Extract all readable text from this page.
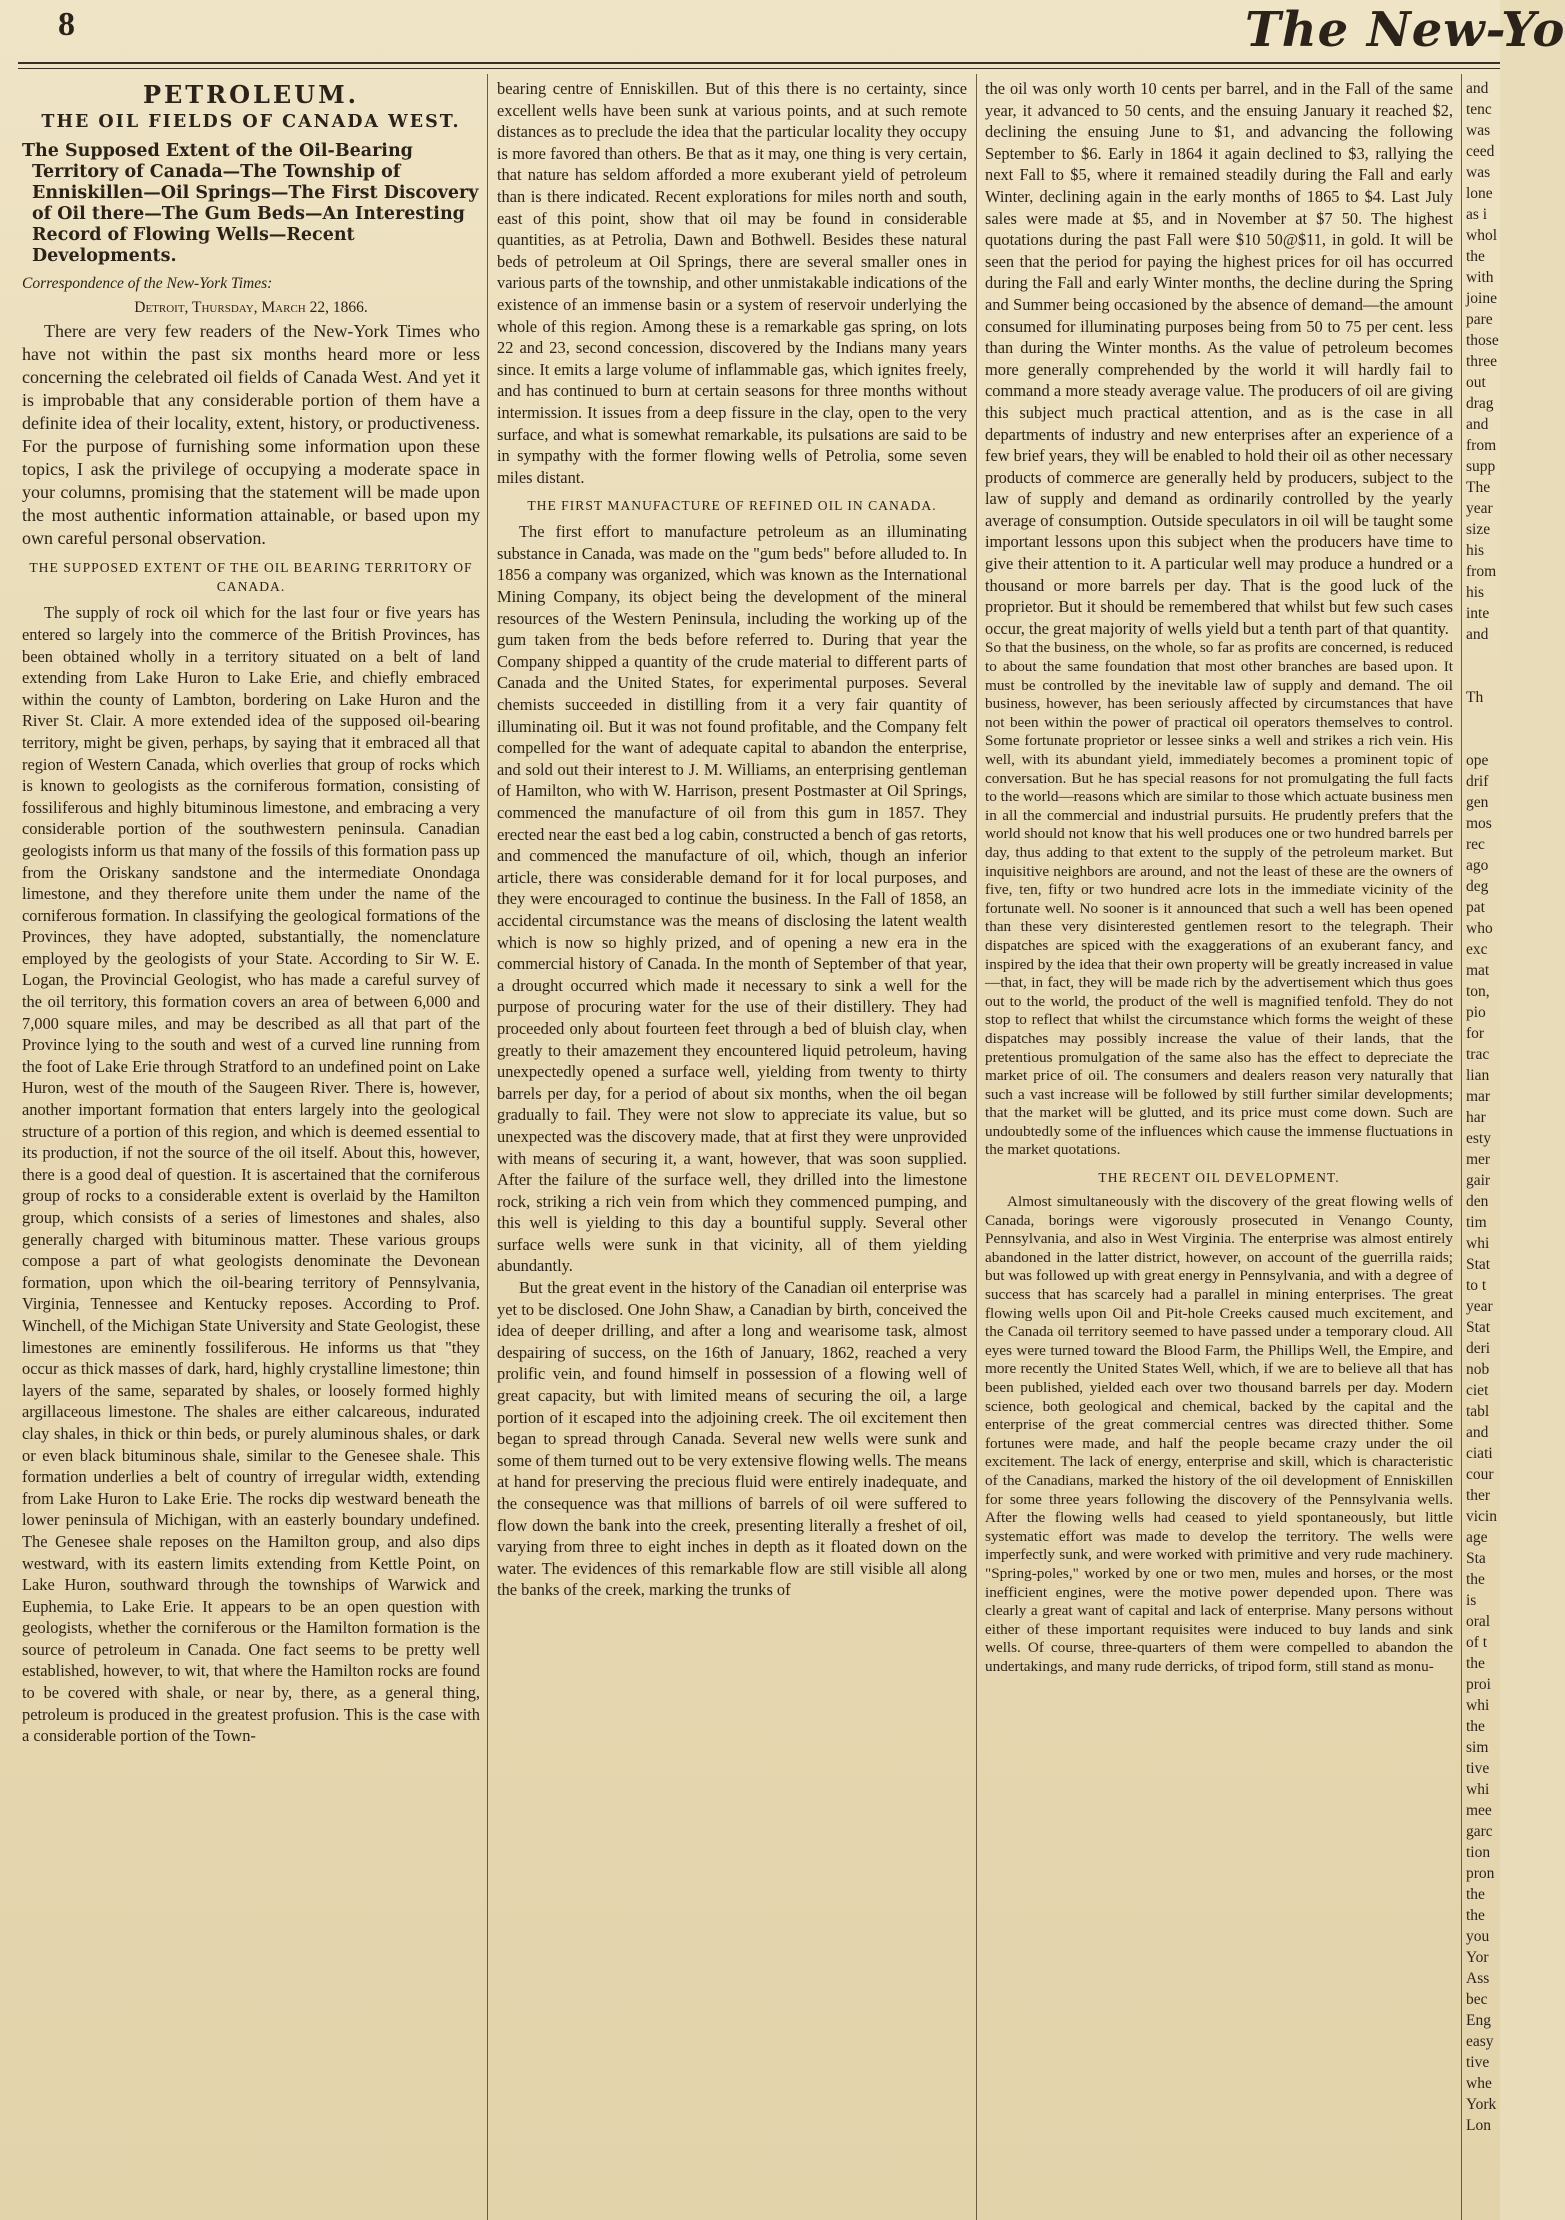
8	The New-Yo
PETROLEUM.
THE OIL FIELDS OF CANADA WEST.
The Supposed Extent of the Oil-Bearing Territory of Canada—The Township of Enniskillen—Oil Springs—The First Discovery of Oil there—The Gum Beds—An Interesting Record of Flowing Wells—Recent Developments.
Correspondence of the New-York Times:
Detroit, Thursday, March 22, 1866.

There are very few readers of the New-York Times who have not within the past six months heard more or less concerning the celebrated oil fields of Canada West. And yet it is improbable that any considerable portion of them have a definite idea of their locality, extent, history, or productiveness. For the purpose of furnishing some information upon these topics, I ask the privilege of occupying a moderate space in your columns, promising that the statement will be made upon the most authentic information attainable, or based upon my own careful personal observation.

THE SUPPOSED EXTENT OF THE OIL BEARING TERRITORY OF CANADA.

The supply of rock oil which for the last four or five years has entered so largely into the commerce of the British Provinces, has been obtained wholly in a territory situated on a belt of land extending from Lake Huron to Lake Erie, and chiefly embraced within the county of Lambton, bordering on Lake Huron and the River St. Clair. A more extended idea of the supposed oil-bearing territory, might be given, perhaps, by saying that it embraced all that region of Western Canada, which overlies that group of rocks which is known to geologists as the corniferous formation, consisting of fossiliferous and highly bituminous limestone, and embracing a very considerable portion of the southwestern peninsula. Canadian geologists inform us that many of the fossils of this formation pass up from the Oriskany sandstone and the intermediate Onondaga limestone, and they therefore unite them under the name of the corniferous formation. In classifying the geological formations of the Provinces, they have adopted, substantially, the nomenclature employed by the geologists of your State. According to Sir W. E. Logan, the Provincial Geologist, who has made a careful survey of the oil territory, this formation covers an area of between 6,000 and 7,000 square miles, and may be described as all that part of the Province lying to the south and west of a curved line running from the foot of Lake Erie through Stratford to an undefined point on Lake Huron, west of the mouth of the Saugeen River. There is, however, another important formation that enters largely into the geological structure of a portion of this region, and which is deemed essential to its production, if not the source of the oil itself. About this, however, there is a good deal of question. It is ascertained that the corniferous group of rocks to a considerable extent is overlaid by the Hamilton group, which consists of a series of limestones and shales, also generally charged with bituminous matter. These various groups compose a part of what geologists denominate the Devonean formation, upon which the oil-bearing territory of Pennsylvania, Virginia, Tennessee and Kentucky reposes. According to Prof. Winchell, of the Michigan State University and State Geologist, these limestones are eminently fossiliferous. He informs us that "they occur as thick masses of dark, hard, highly crystalline limestone; thin layers of the same, separated by shales, or loosely formed highly argillaceous limestone. The shales are either calcareous, indurated clay shales, in thick or thin beds, or purely aluminous shales, or dark or even black bituminous shale, similar to the Genesee shale. This formation underlies a belt of country of irregular width, extending from Lake Huron to Lake Erie. The rocks dip westward beneath the lower peninsula of Michigan, with an easterly boundary undefined. The Genesee shale reposes on the Hamilton group, and also dips westward, with its eastern limits extending from Kettle Point, on Lake Huron, southward through the townships of Warwick and Euphemia, to Lake Erie. It appears to be an open question with geologists, whether the corniferous or the Hamilton formation is the source of petroleum in Canada. One fact seems to be pretty well established, however, to wit, that where the Hamilton rocks are found to be covered with shale, or near by, there, as a general thing, petroleum is produced in the greatest profusion. This is the case with a considerable portion of the Town-

bearing centre of Enniskillen. But of this there is no certainty, since excellent wells have been sunk at various points, and at such remote distances as to preclude the idea that the particular locality they occupy is more favored than others. Be that as it may, one thing is very certain, that nature has seldom afforded a more exuberant yield of petroleum than is there indicated. Recent explorations for miles north and south, east of this point, show that oil may be found in considerable quantities, as at Petrolia, Dawn and Bothwell. Besides these natural beds of petroleum at Oil Springs, there are several smaller ones in various parts of the township, and other unmistakable indications of the existence of an immense basin or a system of reservoir underlying the whole of this region. Among these is a remarkable gas spring, on lots 22 and 23, second concession, discovered by the Indians many years since. It emits a large volume of inflammable gas, which ignites freely, and has continued to burn at certain seasons for three months without intermission. It issues from a deep fissure in the clay, open to the very surface, and what is somewhat remarkable, its pulsations are said to be in sympathy with the former flowing wells of Petrolia, some seven miles distant.

THE FIRST MANUFACTURE OF REFINED OIL IN CANADA.

The first effort to manufacture petroleum as an illuminating substance in Canada, was made on the "gum beds" before alluded to. In 1856 a company was organized, which was known as the International Mining Company, its object being the development of the mineral resources of the Western Peninsula, including the working up of the gum taken from the beds before referred to. During that year the Company shipped a quantity of the crude material to different parts of Canada and the United States, for experimental purposes. Several chemists succeeded in distilling from it a very fair quantity of illuminating oil. But it was not found profitable, and the Company felt compelled for the want of adequate capital to abandon the enterprise, and sold out their interest to J. M. Williams, an enterprising gentleman of Hamilton, who with W. Harrison, present Postmaster at Oil Springs, commenced the manufacture of oil from this gum in 1857. They erected near the east bed a log cabin, constructed a bench of gas retorts, and commenced the manufacture of oil, which, though an inferior article, there was considerable demand for it for local purposes, and they were encouraged to continue the business. In the Fall of 1858, an accidental circumstance was the means of disclosing the latent wealth which is now so highly prized, and of opening a new era in the commercial history of Canada. In the month of September of that year, a drought occurred which made it necessary to sink a well for the purpose of procuring water for the use of their distillery. They had proceeded only about fourteen feet through a bed of bluish clay, when greatly to their amazement they encountered liquid petroleum, having unexpectedly opened a surface well, yielding from twenty to thirty barrels per day, for a period of about six months, when the oil began gradually to fail. They were not slow to appreciate its value, but so unexpected was the discovery made, that at first they were unprovided with means of securing it, a want, however, that was soon supplied. After the failure of the surface well, they drilled into the limestone rock, striking a rich vein from which they commenced pumping, and this well is yielding to this day a bountiful supply. Several other surface wells were sunk in that vicinity, all of them yielding abundantly.

But the great event in the history of the Canadian oil enterprise was yet to be disclosed. One John Shaw, a Canadian by birth, conceived the idea of deeper drilling, and after a long and wearisome task, almost despairing of success, on the 16th of January, 1862, reached a very prolific vein, and found himself in possession of a flowing well of great capacity, but with limited means of securing the oil, a large portion of it escaped into the adjoining creek. The oil excitement then began to spread through Canada. Several new wells were sunk and some of them turned out to be very extensive flowing wells. The means at hand for preserving the precious fluid were entirely inadequate, and the consequence was that millions of barrels of oil were suffered to flow down the bank into the creek, presenting literally a freshet of oil, varying from three to eight inches in depth as it floated down on the water. The evidences of this remarkable flow are still visible all along the banks of the creek, marking the trunks of

the oil was only worth 10 cents per barrel, and in the Fall of the same year, it advanced to 50 cents, and the ensuing January it reached $2, declining the ensuing June to $1, and advancing the following September to $6. Early in 1864 it again declined to $3, rallying the next Fall to $5, where it remained steadily during the Fall and early Winter, declining again in the early months of 1865 to $4. Last July sales were made at $5, and in November at $7 50. The highest quotations during the past Fall were $10 50@$11, in gold. It will be seen that the period for paying the highest prices for oil has occurred during the Fall and early Winter months, the decline during the Spring and Summer being occasioned by the absence of demand—the amount consumed for illuminating purposes being from 50 to 75 per cent. less than during the Winter months. As the value of petroleum becomes more generally comprehended by the world it will hardly fail to command a more steady average value. The producers of oil are giving this subject much practical attention, and as is the case in all departments of industry and new enterprises after an experience of a few brief years, they will be enabled to hold their oil as other necessary products of commerce are generally held by producers, subject to the law of supply and demand as ordinarily controlled by the yearly average of consumption. Outside speculators in oil will be taught some important lessons upon this subject when the producers have time to give their attention to it. A particular well may produce a hundred or a thousand or more barrels per day. That is the good luck of the proprietor. But it should be remembered that whilst but few such cases occur, the great majority of wells yield but a tenth part of that quantity.

So that the business, on the whole, so far as profits are concerned, is reduced to about the same foundation that most other branches are based upon. It must be controlled by the inevitable law of supply and demand. The oil business, however, has been seriously affected by circumstances that have not been within the power of practical oil operators themselves to control. Some fortunate proprietor or lessee sinks a well and strikes a rich vein. His well, with its abundant yield, immediately becomes a prominent topic of conversation. But he has special reasons for not promulgating the full facts to the world—reasons which are similar to those which actuate business men in all the commercial and industrial pursuits. He prudently prefers that the world should not know that his well produces one or two hundred barrels per day, thus adding to that extent to the supply of the petroleum market. But inquisitive neighbors are around, and not the least of these are the owners of five, ten, fifty or two hundred acre lots in the immediate vicinity of the fortunate well. No sooner is it announced that such a well has been opened than these very disinterested gentlemen resort to the telegraph. Their dispatches are spiced with the exaggerations of an exuberant fancy, and inspired by the idea that their own property will be greatly increased in value—that, in fact, they will be made rich by the advertisement which thus goes out to the world, the product of the well is magnified tenfold. They do not stop to reflect that whilst the circumstance which forms the weight of these dispatches may possibly increase the value of their lands, that the pretentious promulgation of the same also has the effect to depreciate the market price of oil. The consumers and dealers reason very naturally that such a vast increase will be followed by still further similar developments; that the market will be glutted, and its price must come down. Such are undoubtedly some of the influences which cause the immense fluctuations in the market quotations.

THE RECENT OIL DEVELOPMENT.

Almost simultaneously with the discovery of the great flowing wells of Canada, borings were vigorously prosecuted in Venango County, Pennsylvania, and also in West Virginia. The enterprise was almost entirely abandoned in the latter district, however, on account of the guerrilla raids; but was followed up with great energy in Pennsylvania, and with a degree of success that has scarcely had a parallel in mining enterprises. The great flowing wells upon Oil and Pit-hole Creeks caused much excitement, and the Canada oil territory seemed to have passed under a temporary cloud. All eyes were turned toward the Blood Farm, the Phillips Well, the Empire, and more recently the United States Well, which, if we are to believe all that has been published, yielded each over two thousand barrels per day. Modern science, both geological and chemical, backed by the capital and the enterprise of the great commercial centres was directed thither. Some fortunes were made, and half the people became crazy under the oil excitement. The lack of energy, enterprise and skill, which is characteristic of the Canadians, marked the history of the oil development of Enniskillen for some three years following the discovery of the Pennsylvania wells. After the flowing wells had ceased to yield spontaneously, but little systematic effort was made to develop the territory. The wells were imperfectly sunk, and were worked with primitive and very rude machinery. "Spring-poles," worked by one or two men, mules and horses, or the most inefficient engines, were the motive power depended upon. There was clearly a great want of capital and lack of enterprise. Many persons without either of these important requisites were induced to buy lands and sink wells. Of course, three-quarters of them were compelled to abandon the undertakings, and many rude derricks, of tripod form, still stand as monu-

and
tenc
was
ceed
was
lone
as i
whol
the
with
joine
pare
those
three
out
drag
and
from
supp
The
year
size
his
from
his
inte
and
Th
ope
drif
gen
mos
rec
ago
deg
pat
who
exc
mat
ton,
pio
for
trac
lian
mar
har
esty
mer
gair
den
tim
whi
Stat
to t
year
Stat
deri
nob
ciet
tabl
and
ciati
cour
ther
vicin
age
Sta
the
is
oral
of t
the
proi
whi
the
sim
tive
whi
mee
garc
tion
pron
the
the
you
Yor
Ass
bec
Eng
easy
tive
whe
York
Lon
